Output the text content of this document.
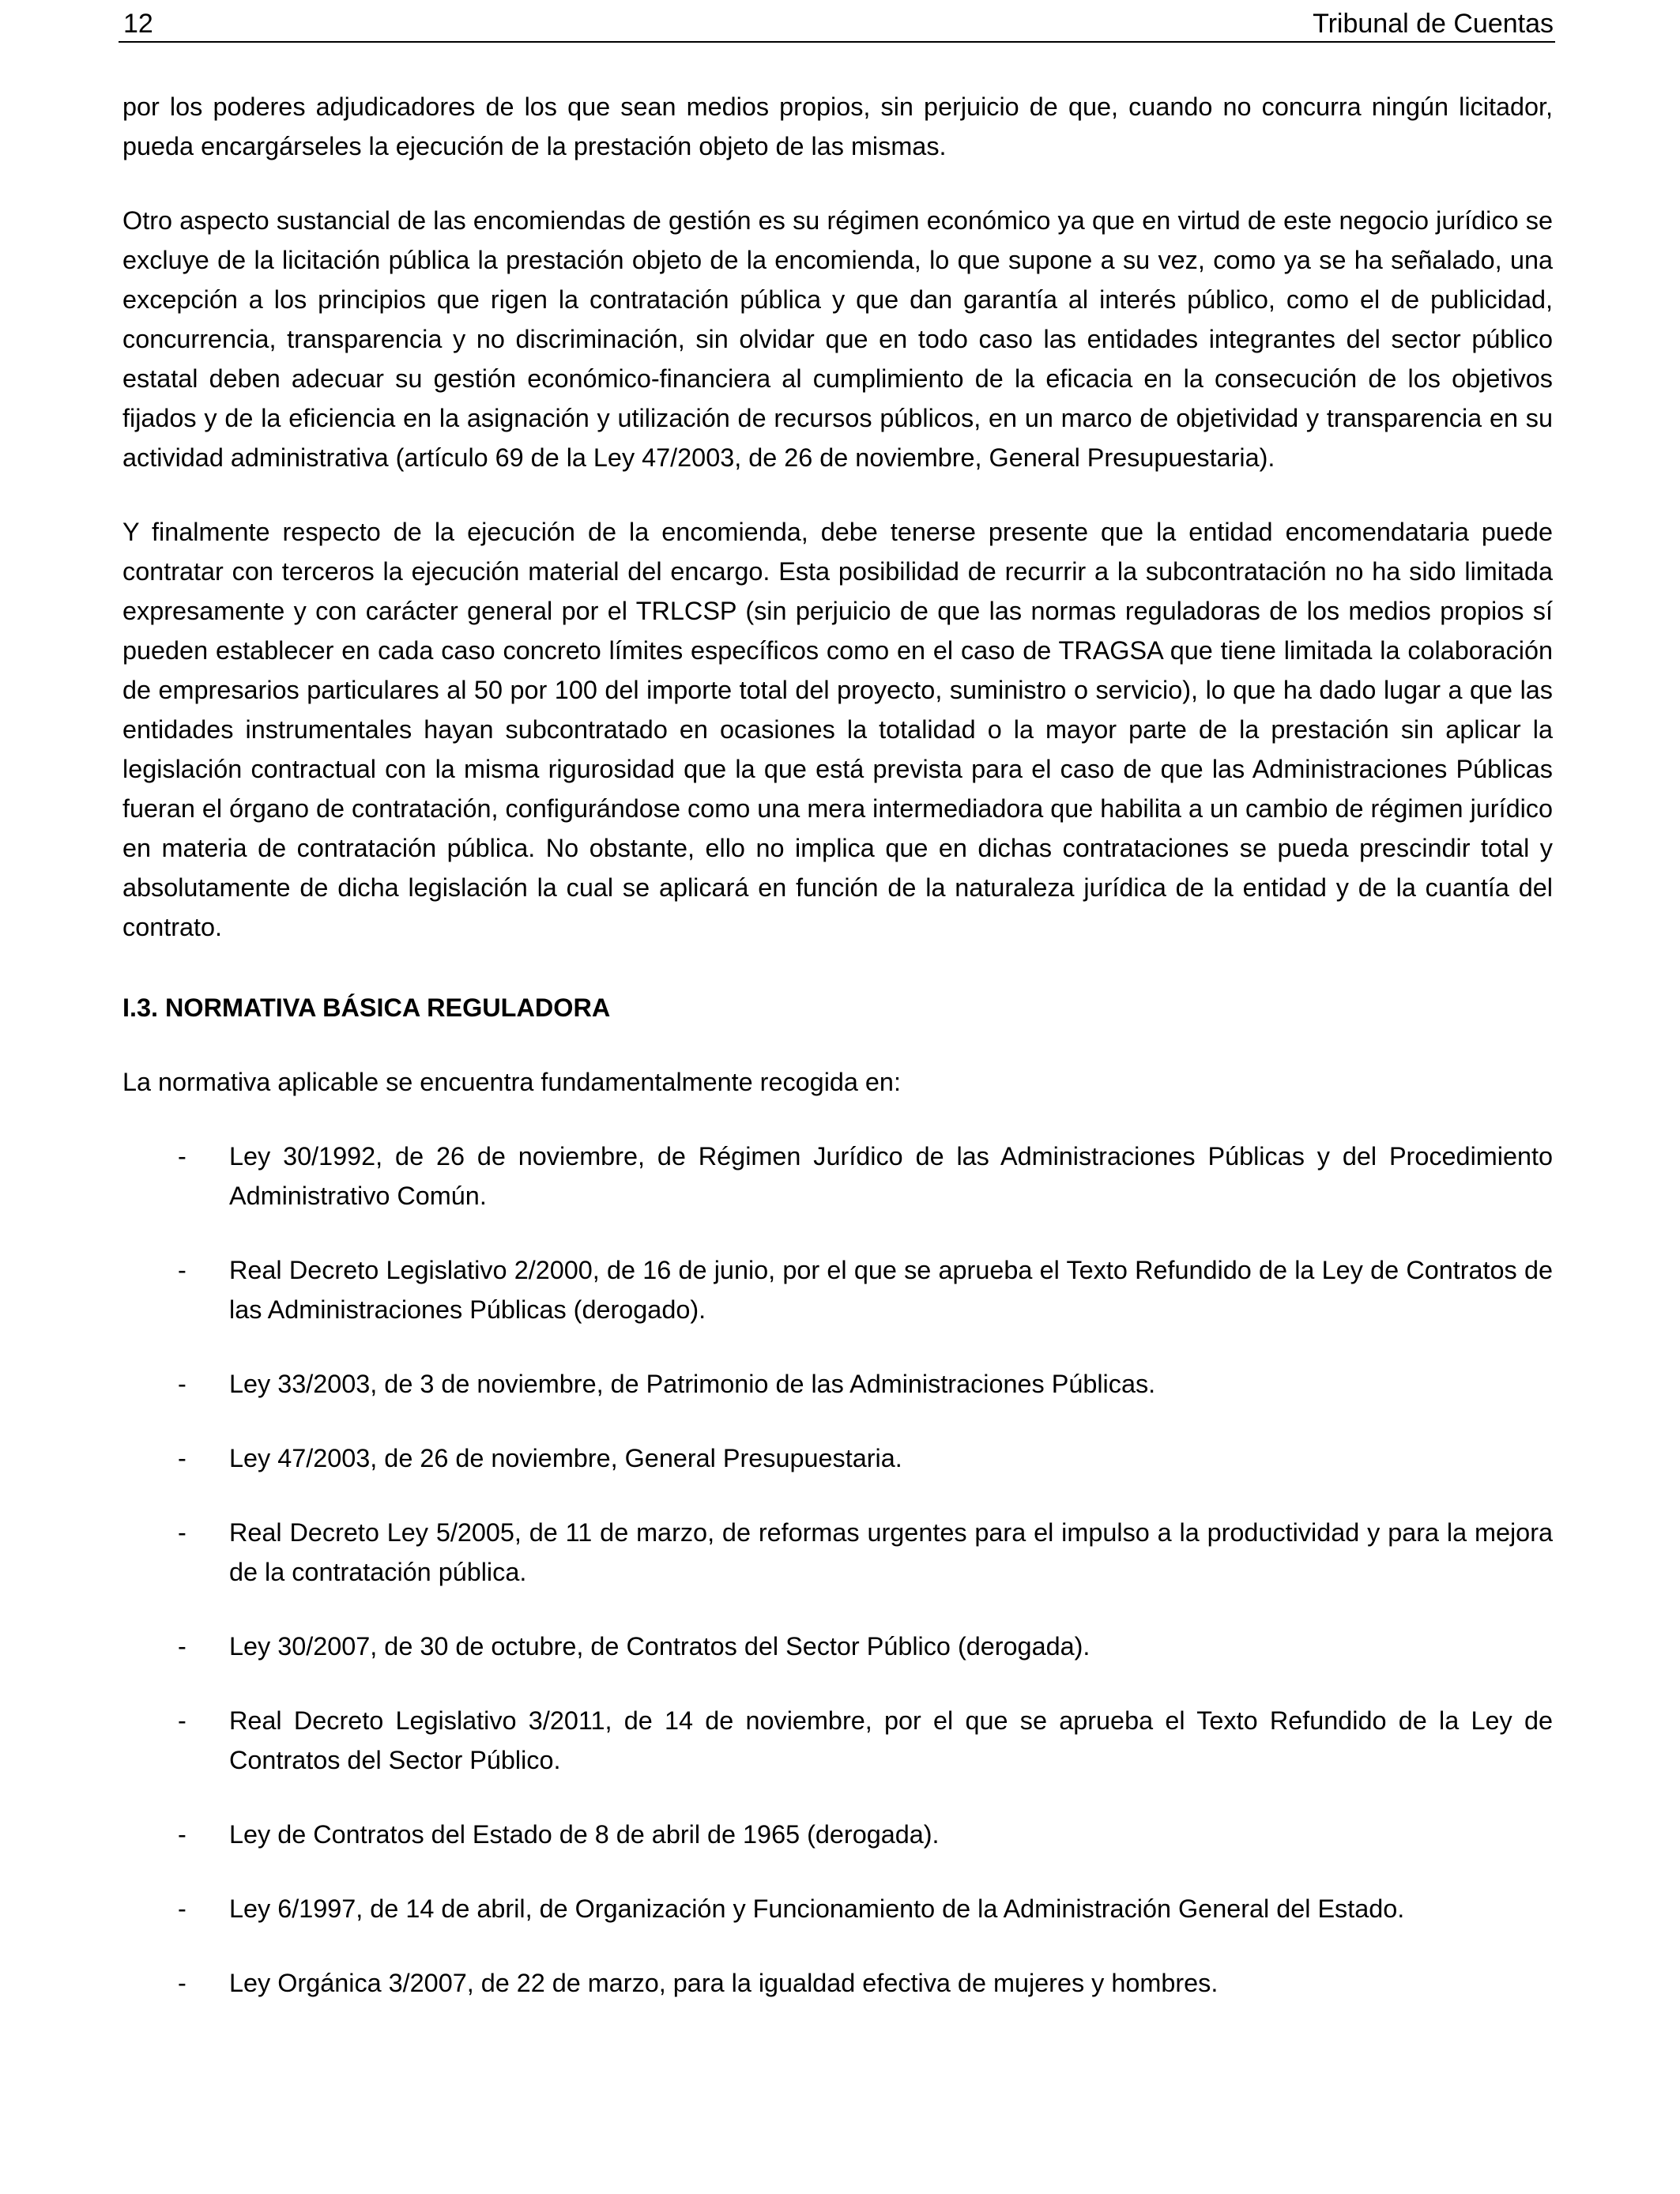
12	Tribunal de Cuentas

por los poderes adjudicadores de los que sean medios propios, sin perjuicio de que, cuando no concurra ningún licitador, pueda encargárseles la ejecución de la prestación objeto de las mismas.

Otro aspecto sustancial de las encomiendas de gestión es su régimen económico ya que en virtud de este negocio jurídico se excluye de la licitación pública la prestación objeto de la encomienda, lo que supone a su vez, como ya se ha señalado, una excepción a los principios que rigen la contratación pública y que dan garantía al interés público, como el de publicidad, concurrencia, transparencia y no discriminación, sin olvidar que en todo caso las entidades integrantes del sector público estatal deben adecuar su gestión económico-financiera al cumplimiento de la eficacia en la consecución de los objetivos fijados y de la eficiencia en la asignación y utilización de recursos públicos, en un marco de objetividad y transparencia en su actividad administrativa (artículo 69 de la Ley 47/2003, de 26 de noviembre, General Presupuestaria).

Y finalmente respecto de la ejecución de la encomienda, debe tenerse presente que la entidad encomendataria puede contratar con terceros la ejecución material del encargo. Esta posibilidad de recurrir a la subcontratación no ha sido limitada expresamente y con carácter general por el TRLCSP (sin perjuicio de que las normas reguladoras de los medios propios sí pueden establecer en cada caso concreto límites específicos como en el caso de TRAGSA que tiene limitada la colaboración de empresarios particulares al 50 por 100 del importe total del proyecto, suministro o servicio), lo que ha dado lugar a que las entidades instrumentales hayan subcontratado en ocasiones la totalidad o la mayor parte de la prestación sin aplicar la legislación contractual con la misma rigurosidad que la que está prevista para el caso de que las Administraciones Públicas fueran el órgano de contratación, configurándose como una mera intermediadora que habilita a un cambio de régimen jurídico en materia de contratación pública. No obstante, ello no implica que en dichas contrataciones se pueda prescindir total y absolutamente de dicha legislación la cual se aplicará en función de la naturaleza jurídica de la entidad y de la cuantía del contrato.

I.3. NORMATIVA BÁSICA REGULADORA

La normativa aplicable se encuentra fundamentalmente recogida en:

- Ley 30/1992, de 26 de noviembre, de Régimen Jurídico de las Administraciones Públicas y del Procedimiento Administrativo Común.
- Real Decreto Legislativo 2/2000, de 16 de junio, por el que se aprueba el Texto Refundido de la Ley de Contratos de las Administraciones Públicas (derogado).
- Ley 33/2003, de 3 de noviembre, de Patrimonio de las Administraciones Públicas.
- Ley 47/2003, de 26 de noviembre, General Presupuestaria.
- Real Decreto Ley 5/2005, de 11 de marzo, de reformas urgentes para el impulso a la productividad y para la mejora de la contratación pública.
- Ley 30/2007, de 30 de octubre, de Contratos del Sector Público (derogada).
- Real Decreto Legislativo 3/2011, de 14 de noviembre, por el que se aprueba el Texto Refundido de la Ley de Contratos del Sector Público.
- Ley de Contratos del Estado de 8 de abril de 1965 (derogada).
- Ley 6/1997, de 14 de abril, de Organización y Funcionamiento de la Administración General del Estado.
- Ley Orgánica 3/2007, de 22 de marzo, para la igualdad efectiva de mujeres y hombres.
